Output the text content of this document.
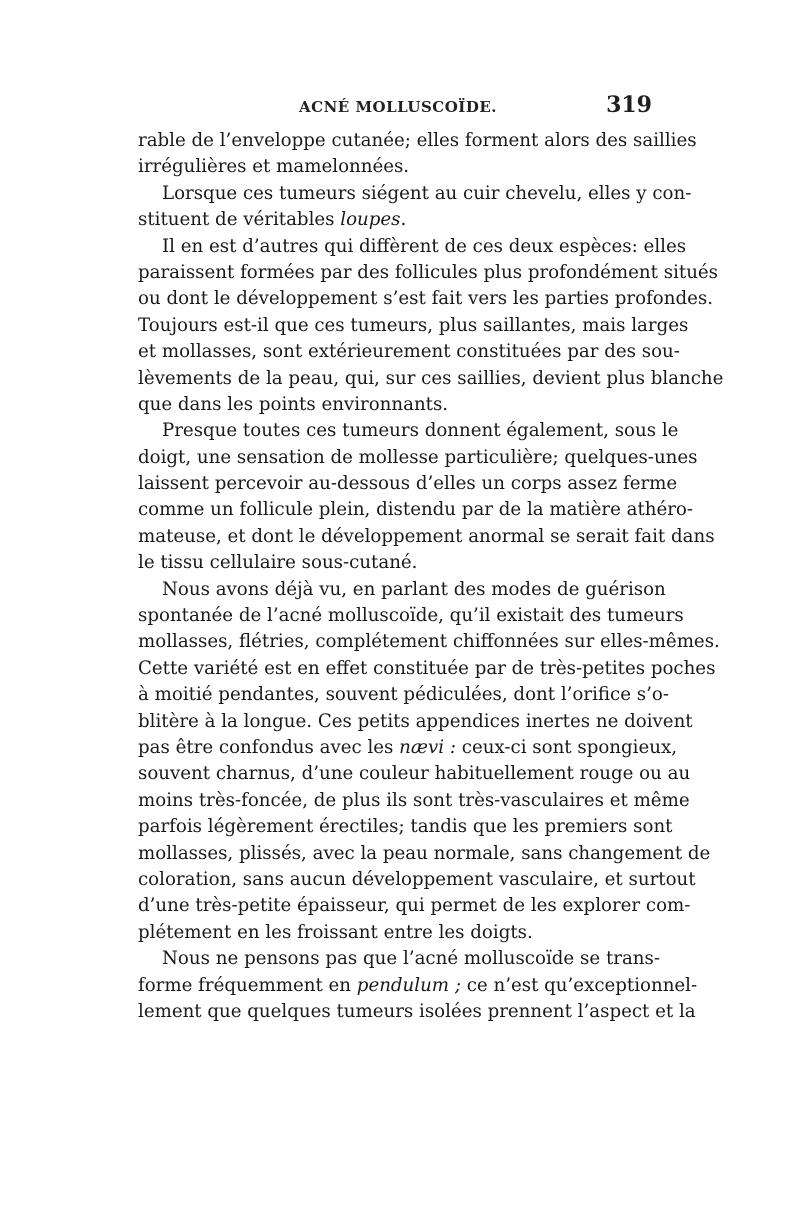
ACNÉ MOLLUSCOÏDE.	319
rable de l’enveloppe cutanée; elles forment alors des saillies
irrégulières et mamelonnées.
Lorsque ces tumeurs siégent au cuir chevelu, elles y con-
stituent de véritables loupes.
Il en est d’autres qui diffèrent de ces deux espèces: elles
paraissent formées par des follicules plus profondément situés
ou dont le développement s’est fait vers les parties profondes.
Toujours est-il que ces tumeurs, plus saillantes, mais larges
et mollasses, sont extérieurement constituées par des sou-
lèvements de la peau, qui, sur ces saillies, devient plus blanche
que dans les points environnants.
Presque toutes ces tumeurs donnent également, sous le
doigt, une sensation de mollesse particulière; quelques-unes
laissent percevoir au-dessous d’elles un corps assez ferme
comme un follicule plein, distendu par de la matière athéro-
mateuse, et dont le développement anormal se serait fait dans
le tissu cellulaire sous-cutané.
Nous avons déjà vu, en parlant des modes de guérison
spontanée de l’acné molluscoïde, qu’il existait des tumeurs
mollasses, flétries, complétement chiffonnées sur elles-mêmes.
Cette variété est en effet constituée par de très-petites poches
à moitié pendantes, souvent pédiculées, dont l’orifice s’o-
blitère à la longue. Ces petits appendices inertes ne doivent
pas être confondus avec les nævi : ceux-ci sont spongieux,
souvent charnus, d’une couleur habituellement rouge ou au
moins très-foncée, de plus ils sont très-vasculaires et même
parfois légèrement érectiles; tandis que les premiers sont
mollasses, plissés, avec la peau normale, sans changement de
coloration, sans aucun développement vasculaire, et surtout
d’une très-petite épaisseur, qui permet de les explorer com-
plétement en les froissant entre les doigts.
Nous ne pensons pas que l’acné molluscoïde se trans-
forme fréquemment en pendulum ; ce n’est qu’exceptionnel-
lement que quelques tumeurs isolées prennent l’aspect et la
